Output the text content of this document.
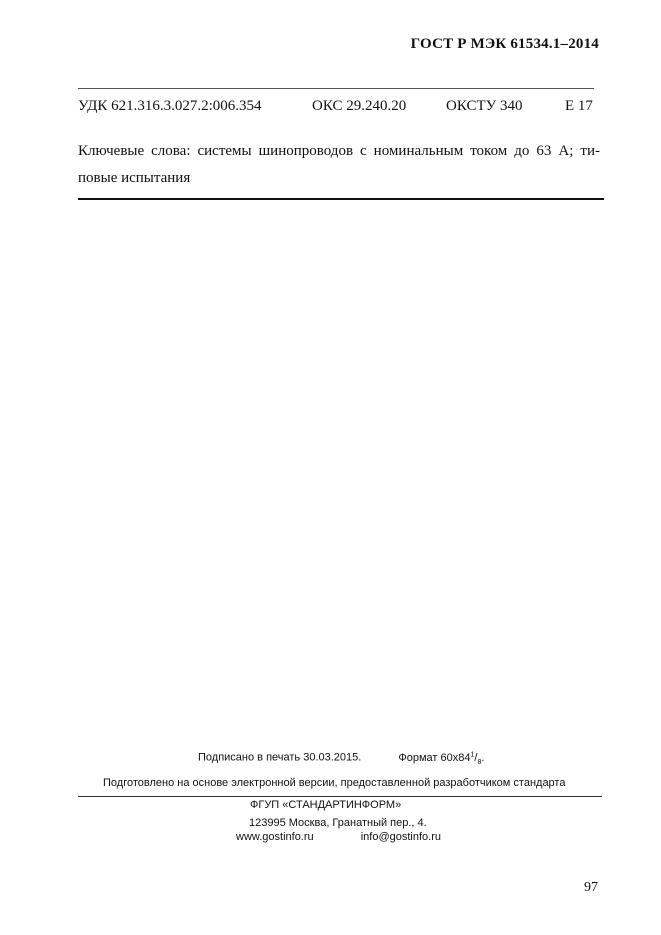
ГОСТ Р МЭК 61534.1–2014
УДК 621.316.3.027.2:006.354	ОКС 29.240.20	ОКСТУ 340	Е 17
Ключевые слова: системы шинопроводов с номинальным током до 63 А; ти-
повые испытания
Подписано в печать 30.03.2015.	Формат $60х84^1/_8$.
Подготовлено на основе электронной версии, предоставленной разработчиком стандарта
ФГУП «СТАНДАРТИНФОРМ»
123995 Москва, Гранатный пер., 4.
www.gostinfo.ru	info@gostinfo.ru
97
